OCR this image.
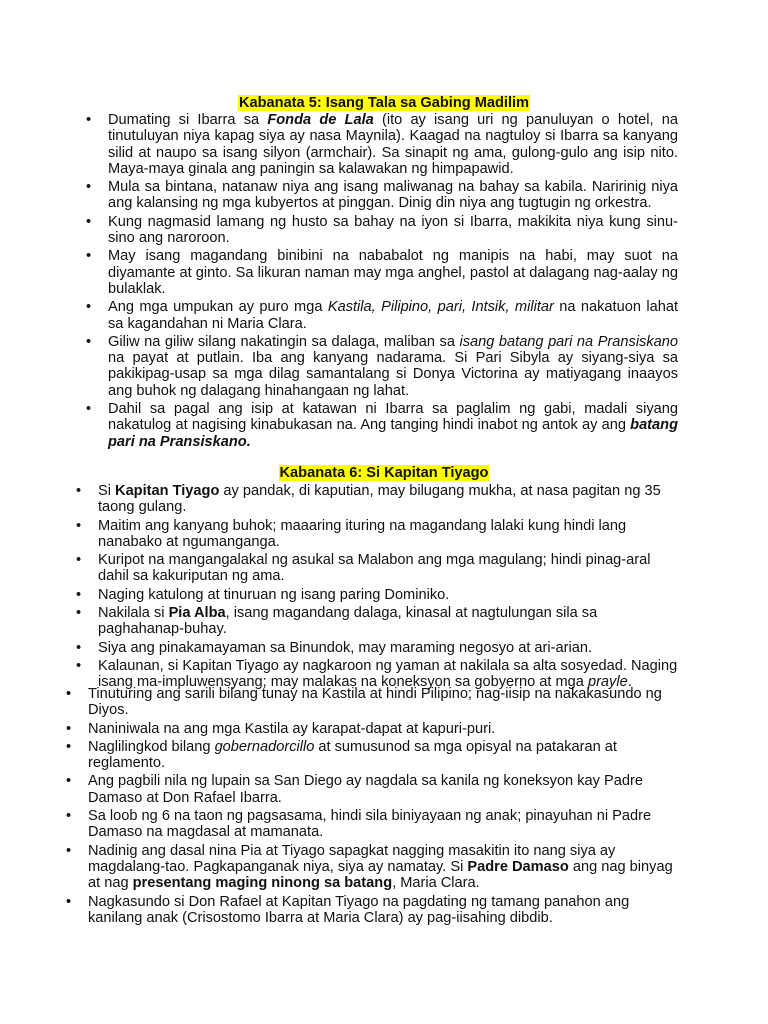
Kabanata 5: Isang Tala sa Gabing Madilim
• Dumating si Ibarra sa Fonda de Lala (ito ay isang uri ng panuluyan o hotel, na tinutuluyan niya kapag siya ay nasa Maynila). Kaagad na nagtuloy si Ibarra sa kanyang silid at naupo sa isang silyon (armchair). Sa sinapit ng ama, gulong-gulo ang isip nito. Maya-maya ginala ang paningin sa kalawakan ng himpapawid.
• Mula sa bintana, natanaw niya ang isang maliwanag na bahay sa kabila. Naririnig niya ang kalansing ng mga kubyertos at pinggan. Dinig din niya ang tugtugin ng orkestra.
• Kung nagmasid lamang ng husto sa bahay na iyon si Ibarra, makikita niya kung sinu-sino ang naroroon.
• May isang magandang binibini na nababalot ng manipis na habi, may suot na diyamante at ginto. Sa likuran naman may mga anghel, pastol at dalagang nag-aalay ng bulaklak.
• Ang mga umpukan ay puro mga Kastila, Pilipino, pari, Intsik, militar na nakatuon lahat sa kagandahan ni Maria Clara.
• Giliw na giliw silang nakatingin sa dalaga, maliban sa isang batang pari na Pransiskano na payat at putlain. Iba ang kanyang nadarama. Si Pari Sibyla ay siyang-siya sa pakikipag-usap sa mga dilag samantalang si Donya Victorina ay matiyagang inaayos ang buhok ng dalagang hinahangaan ng lahat.
• Dahil sa pagal ang isip at katawan ni Ibarra sa paglalim ng gabi, madali siyang nakatulog at nagising kinabukasan na. Ang tanging hindi inabot ng antok ay ang batang pari na Pransiskano.
Kabanata 6: Si Kapitan Tiyago
• Si Kapitan Tiyago ay pandak, di kaputian, may bilugang mukha, at nasa pagitan ng 35 taong gulang.
• Maitim ang kanyang buhok; maaaring ituring na magandang lalaki kung hindi lang nanabako at ngumanganga.
• Kuripot na mangangalakal ng asukal sa Malabon ang mga magulang; hindi pinag-aral dahil sa kakuriputan ng ama.
• Naging katulong at tinuruan ng isang paring Dominiko.
• Nakilala si Pia Alba, isang magandang dalaga, kinasal at nagtulungan sila sa paghahanap-buhay.
• Siya ang pinakamayaman sa Binundok, may maraming negosyo at ari-arian.
• Kalaunan, si Kapitan Tiyago ay nagkaroon ng yaman at nakilala sa alta sosyedad. Naging isang ma-impluwensyang; may malakas na koneksyon sa gobyerno at mga prayle.
• Tinuturing ang sarili bilang tunay na Kastila at hindi Pilipino; nag-iisip na nakakasundo ng Diyos.
• Naniniwala na ang mga Kastila ay karapat-dapat at kapuri-puri.
• Naglilingkod bilang gobernadorcillo at sumusunod sa mga opisyal na patakaran at reglamento.
• Ang pagbili nila ng lupain sa San Diego ay nagdala sa kanila ng koneksyon kay Padre Damaso at Don Rafael Ibarra.
• Sa loob ng 6 na taon ng pagsasama, hindi sila biniyayaan ng anak; pinayuhan ni Padre Damaso na magdasal at mamanata.
• Nadinig ang dasal nina Pia at Tiyago sapagkat nagging masakitin ito nang siya ay magdalang-tao. Pagkapanganak niya, siya ay namatay. Si Padre Damaso ang nag binyag at nag presentang maging ninong sa batang, Maria Clara.
• Nagkasundo si Don Rafael at Kapitan Tiyago na pagdating ng tamang panahon ang kanilang anak (Crisostomo Ibarra at Maria Clara) ay pag-iisahing dibdib.
